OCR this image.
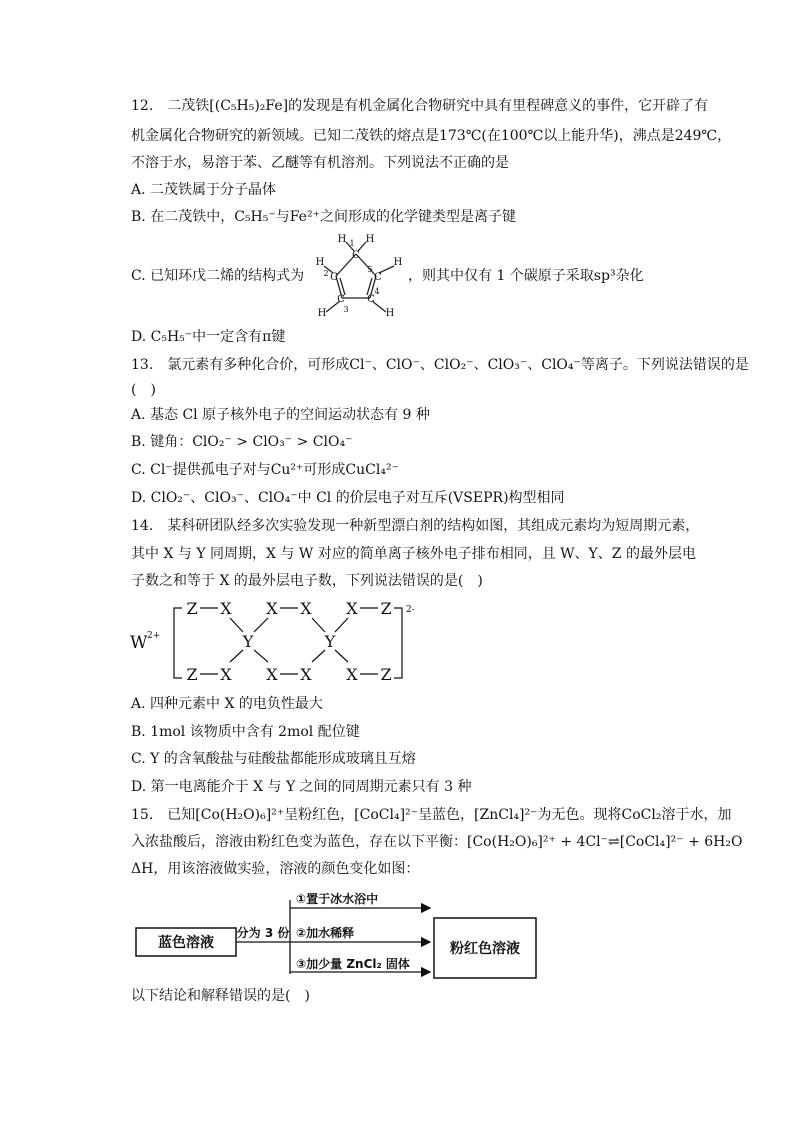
12.　二茂铁[(C₅H₅)₂Fe]的发现是有机金属化合物研究中具有里程碑意义的事件，它开辟了有
机金属化合物研究的新领域。已知二茂铁的熔点是173℃(在100℃以上能升华)，沸点是249℃，
不溶于水，易溶于苯、乙醚等有机溶剂。下列说法不正确的是
A. 二茂铁属于分子晶体
B. 在二茂铁中，C₅H₅⁻与Fe²⁺之间形成的化学键类型是离子键
C. 已知环戊二烯的结构式为
H H
C
H	H
C	C
C C
H	H
1
2
3
4
5	，则其中仅有 1 个碳原子采取sp³杂化
D. C₅H₅⁻中一定含有π键
13.　氯元素有多种化合价，可形成Cl⁻、ClO⁻、ClO₂⁻、ClO₃⁻、ClO₄⁻等离子。下列说法错误的是
(　)
A. 基态 Cl 原子核外电子的空间运动状态有 9 种
B. 键角：ClO₂⁻ > ClO₃⁻ > ClO₄⁻
C. Cl⁻提供孤电子对与Cu²⁺可形成CuCl₄²⁻
D. ClO₂⁻、ClO₃⁻、ClO₄⁻中 Cl 的价层电子对互斥(VSEPR)构型相同
14.　某科研团队经多次实验发现一种新型漂白剂的结构如图，其组成元素均为短周期元素，
其中 X 与 Y 同周期，X 与 W 对应的简单离子核外电子排布相同，且 W、Y、Z 的最外层电
子数之和等于 X 的最外层电子数，下列说法错误的是(　)
W 2+
2-
Z X X X X Z
Y	Y
Z X X X X Z
A. 四种元素中 X 的电负性最大
B. 1mol 该物质中含有 2mol 配位键
C. Y 的含氧酸盐与硅酸盐都能形成玻璃且互熔
D. 第一电离能介于 X 与 Y 之间的同周期元素只有 3 种
15.　已知[Co(H₂O)₆]²⁺呈粉红色，[CoCl₄]²⁻呈蓝色，[ZnCl₄]²⁻为无色。现将CoCl₂溶于水，加
入浓盐酸后，溶液由粉红色变为蓝色，存在以下平衡：[Co(H₂O)₆]²⁺ + 4Cl⁻⇌[CoCl₄]²⁻ + 6H₂O
ΔH，用该溶液做实验，溶液的颜色变化如图：
蓝色溶液
分为 3 份
①置于冰水浴中
②加水稀释
③加少量 ZnCl₂ 固体
粉红色溶液
以下结论和解释错误的是(　)
